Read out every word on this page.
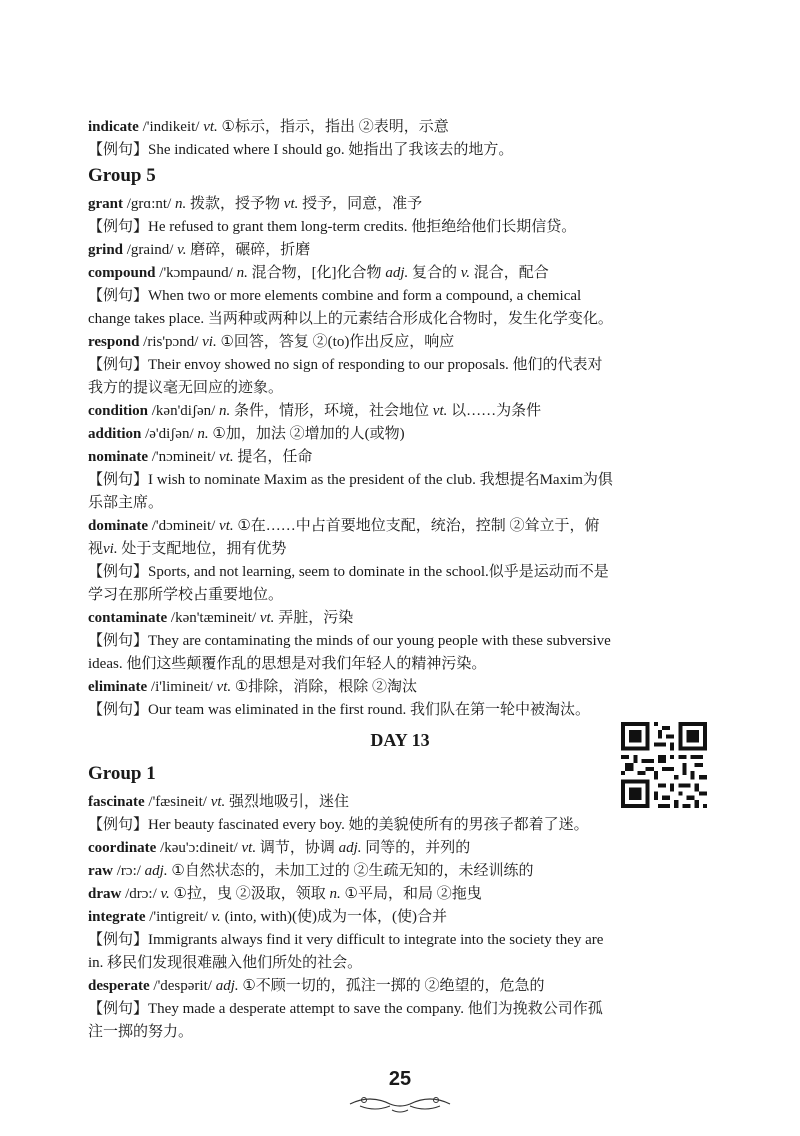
indicate /'indikeit/ vt. ①标示，指示，指出 ②表明，示意
【例句】She indicated where I should go. 她指出了我该去的地方。
Group 5
grant /grɑ:nt/ n. 拨款，授予物 vt. 授予，同意，准予
【例句】He refused to grant them long-term credits. 他拒绝给他们长期信贷。
grind /graind/ v. 磨碎，碾碎，折磨
compound /'kɔmpaund/ n. 混合物，[化]化合物 adj. 复合的 v. 混合，配合
【例句】When two or more elements combine and form a compound, a chemical
change takes place. 当两种或两种以上的元素结合形成化合物时，发生化学变化。
respond /ris'pɔnd/ vi. ①回答，答复 ②(to)作出反应，响应
【例句】Their envoy showed no sign of responding to our proposals. 他们的代表对
我方的提议毫无回应的迹象。
condition /kən'diʃən/ n. 条件，情形，环境，社会地位 vt. 以……为条件
addition /ə'diʃən/ n. ①加，加法 ②增加的人(或物)
nominate /'nɔmineit/ vt. 提名，任命
【例句】I wish to nominate Maxim as the president of the club. 我想提名Maxim为俱
乐部主席。
dominate /'dɔmineit/ vt. ①在……中占首要地位支配，统治，控制 ②耸立于，俯
视vi. 处于支配地位，拥有优势
【例句】Sports, and not learning, seem to dominate in the school.似乎是运动而不是
学习在那所学校占重要地位。
contaminate /kən'tæmineit/ vt. 弄脏，污染
【例句】They are contaminating the minds of our young people with these subversive
ideas. 他们这些颠覆作乱的思想是对我们年轻人的精神污染。
eliminate /i'limineit/ vt. ①排除，消除，根除 ②淘汰
【例句】Our team was eliminated in the first round. 我们队在第一轮中被淘汰。
DAY 13
Group 1
fascinate /'fæsineit/ vt. 强烈地吸引，迷住
【例句】Her beauty fascinated every boy. 她的美貌使所有的男孩子都着了迷。
coordinate /kəu'ɔ:dineit/ vt. 调节，协调 adj. 同等的，并列的
raw /rɔ:/ adj. ①自然状态的，未加工过的 ②生疏无知的，未经训练的
draw /drɔ:/ v. ①拉，曳 ②汲取，领取 n. ①平局，和局 ②拖曳
integrate /'intigreit/ v. (into, with)(使)成为一体，(使)合并
【例句】Immigrants always find it very difficult to integrate into the society they are
in. 移民们发现很难融入他们所处的社会。
desperate /'despərit/ adj. ①不顾一切的，孤注一掷的 ②绝望的，危急的
【例句】They made a desperate attempt to save the company. 他们为挽救公司作孤
注一掷的努力。
25
